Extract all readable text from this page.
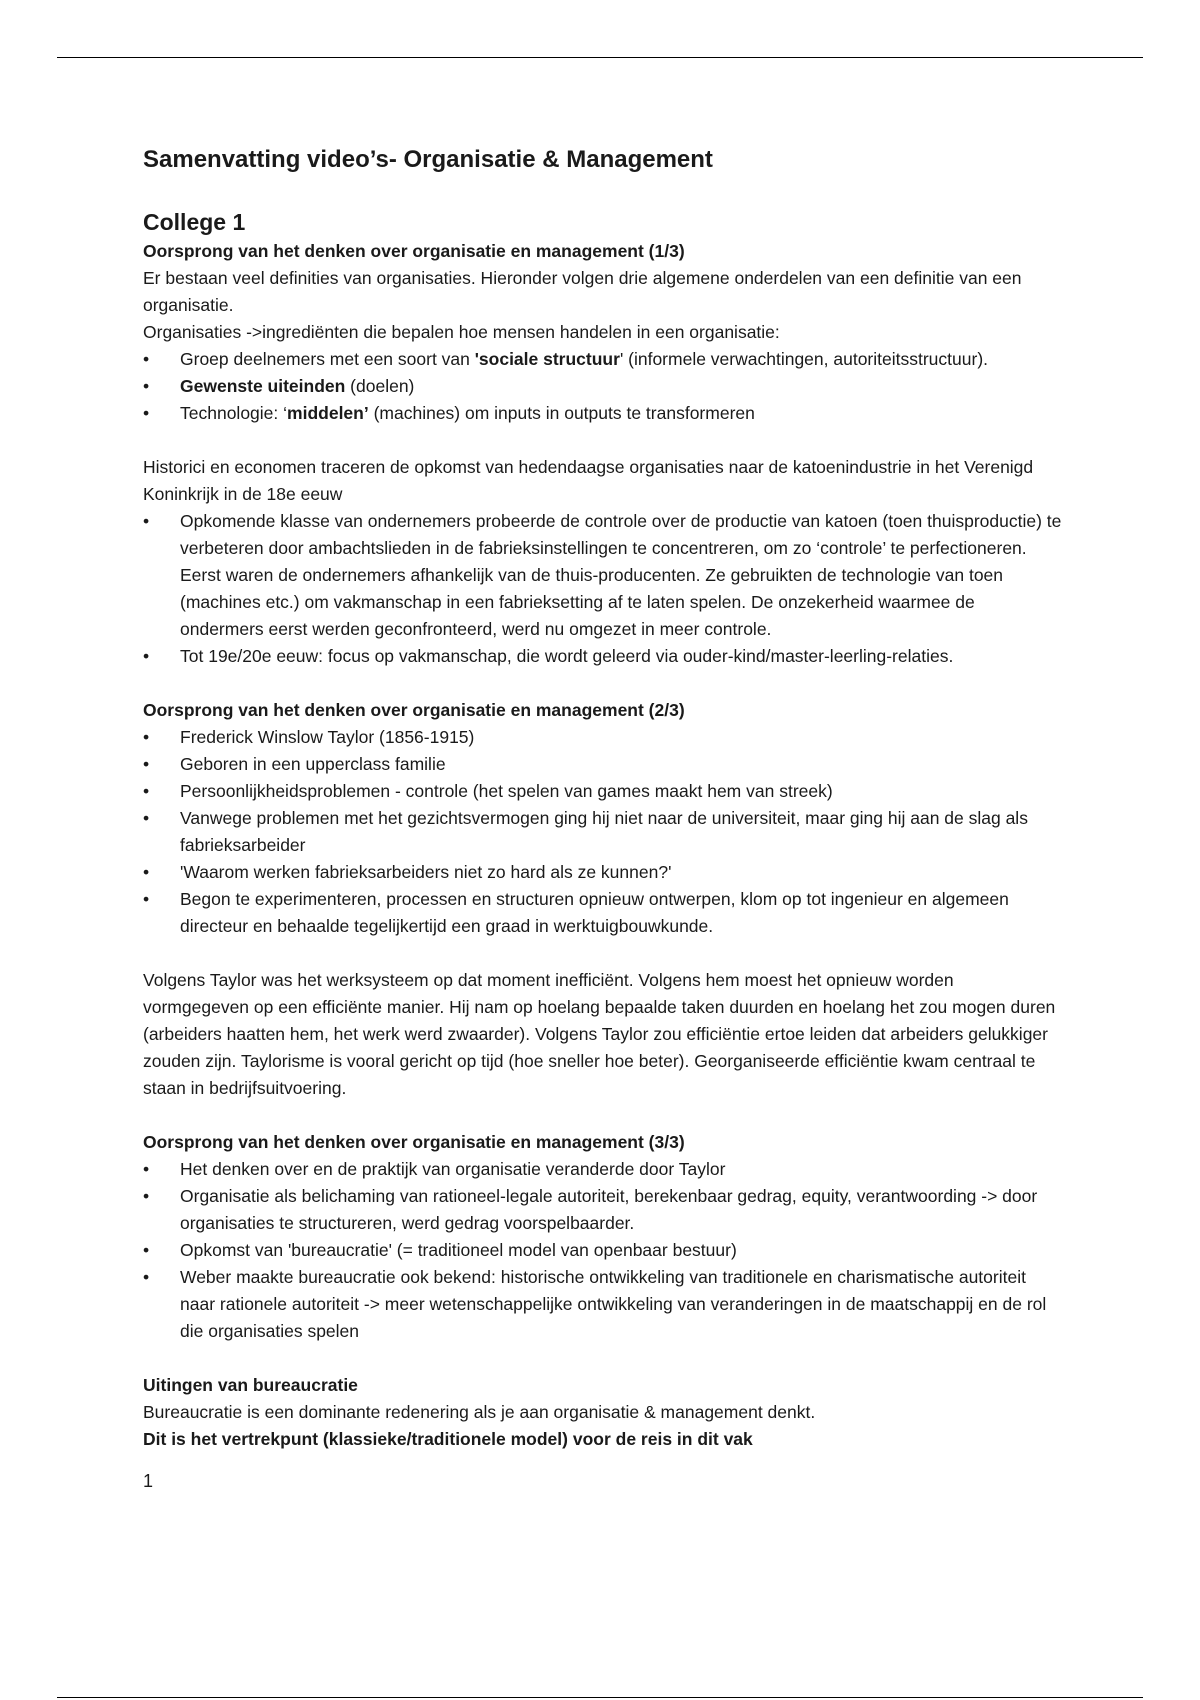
Samenvatting video’s- Organisatie & Management
College 1
Oorsprong van het denken over organisatie en management (1/3)

Er bestaan veel definities van organisaties. Hieronder volgen drie algemene onderdelen van een definitie van een organisatie.

Organisaties ->ingrediënten die bepalen hoe mensen handelen in een organisatie:

• Groep deelnemers met een soort van 'sociale structuur' (informele verwachtingen, autoriteitsstructuur).
• Gewenste uiteinden (doelen)
• Technologie: ‘middelen’ (machines) om inputs in outputs te transformeren

Historici en economen traceren de opkomst van hedendaagse organisaties naar de katoenindustrie in het Verenigd Koninkrijk in de 18e eeuw

• Opkomende klasse van ondernemers probeerde de controle over de productie van katoen (toen thuisproductie) te verbeteren door ambachtslieden in de fabrieksinstellingen te concentreren, om zo ‘controle’ te perfectioneren. Eerst waren de ondernemers afhankelijk van de thuis-producenten. Ze gebruikten de technologie van toen (machines etc.) om vakmanschap in een fabrieksetting af te laten spelen. De onzekerheid waarmee de ondermers eerst werden geconfronteerd, werd nu omgezet in meer controle.
• Tot 19e/20e eeuw: focus op vakmanschap, die wordt geleerd via ouder-kind/master-leerling-relaties.
Oorsprong van het denken over organisatie en management (2/3)
• Frederick Winslow Taylor (1856-1915)
• Geboren in een upperclass familie
• Persoonlijkheidsproblemen - controle (het spelen van games maakt hem van streek)
• Vanwege problemen met het gezichtsvermogen ging hij niet naar de universiteit, maar ging hij aan de slag als fabrieksarbeider
• 'Waarom werken fabrieksarbeiders niet zo hard als ze kunnen?'
• Begon te experimenteren, processen en structuren opnieuw ontwerpen, klom op tot ingenieur en algemeen directeur en behaalde tegelijkertijd een graad in werktuigbouwkunde.

Volgens Taylor was het werksysteem op dat moment inefficiënt. Volgens hem moest het opnieuw worden vormgegeven op een efficiënte manier. Hij nam op hoelang bepaalde taken duurden en hoelang het zou mogen duren (arbeiders haatten hem, het werk werd zwaarder). Volgens Taylor zou efficiëntie ertoe leiden dat arbeiders gelukkiger zouden zijn. Taylorisme is vooral gericht op tijd (hoe sneller hoe beter). Georganiseerde efficiëntie kwam centraal te staan in bedrijfsuitvoering.

Oorsprong van het denken over organisatie en management (3/3)
• Het denken over en de praktijk van organisatie veranderde door Taylor
• Organisatie als belichaming van rationeel-legale autoriteit, berekenbaar gedrag, equity, verantwoording -> door organisaties te structureren, werd gedrag voorspelbaarder.
• Opkomst van 'bureaucratie' (= traditioneel model van openbaar bestuur)
• Weber maakte bureaucratie ook bekend: historische ontwikkeling van traditionele en charismatische autoriteit naar rationele autoriteit -> meer wetenschappelijke ontwikkeling van veranderingen in de maatschappij en de rol die organisaties spelen
Uitingen van bureaucratie

Bureaucratie is een dominante redenering als je aan organisatie & management denkt.

Dit is het vertrekpunt (klassieke/traditionele model) voor de reis in dit vak
1
